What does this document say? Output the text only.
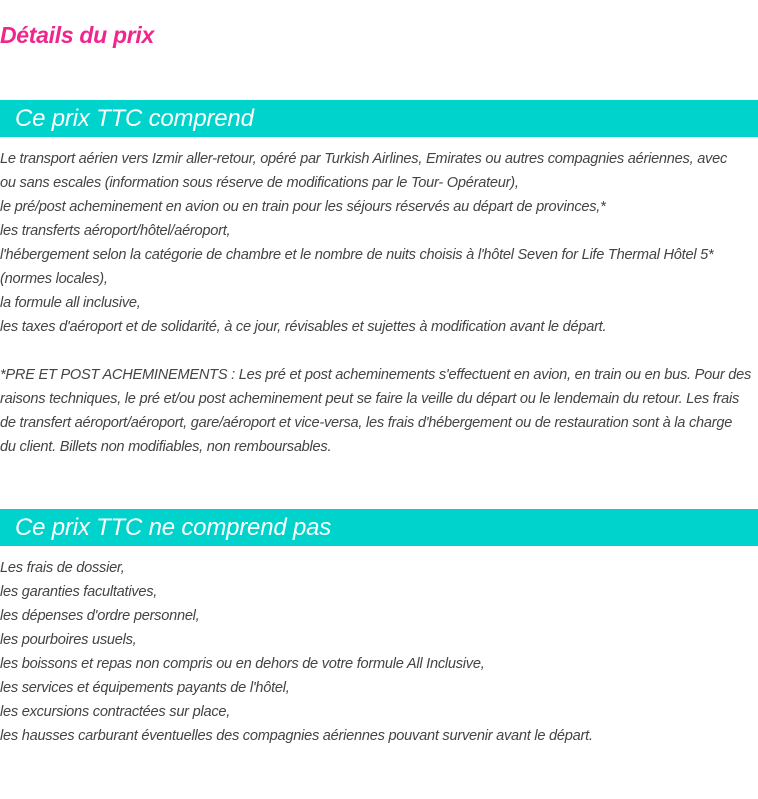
Détails du prix
Ce prix TTC comprend
Le transport aérien vers Izmir aller-retour, opéré par Turkish Airlines, Emirates ou autres compagnies aériennes, avec
ou sans escales (information sous réserve de modifications par le Tour- Opérateur),
le pré/post acheminement en avion ou en train pour les séjours réservés au départ de provinces,*
les transferts aéroport/hôtel/aéroport,
l'hébergement selon la catégorie de chambre et le nombre de nuits choisis à l'hôtel Seven for Life Thermal Hôtel 5*
(normes locales),
la formule all inclusive,
les taxes d'aéroport et de solidarité, à ce jour, révisables et sujettes à modification avant le départ.
*PRE ET POST ACHEMINEMENTS : Les pré et post acheminements s'effectuent en avion, en train ou en bus. Pour des
raisons techniques, le pré et/ou post acheminement peut se faire la veille du départ ou le lendemain du retour. Les frais
de transfert aéroport/aéroport, gare/aéroport et vice-versa, les frais d'hébergement ou de restauration sont à la charge
du client. Billets non modifiables, non remboursables.
Ce prix TTC ne comprend pas
Les frais de dossier,
les garanties facultatives,
les dépenses d'ordre personnel,
les pourboires usuels,
les boissons et repas non compris ou en dehors de votre formule All Inclusive,
les services et équipements payants de l'hôtel,
les excursions contractées sur place,
les hausses carburant éventuelles des compagnies aériennes pouvant survenir avant le départ.
